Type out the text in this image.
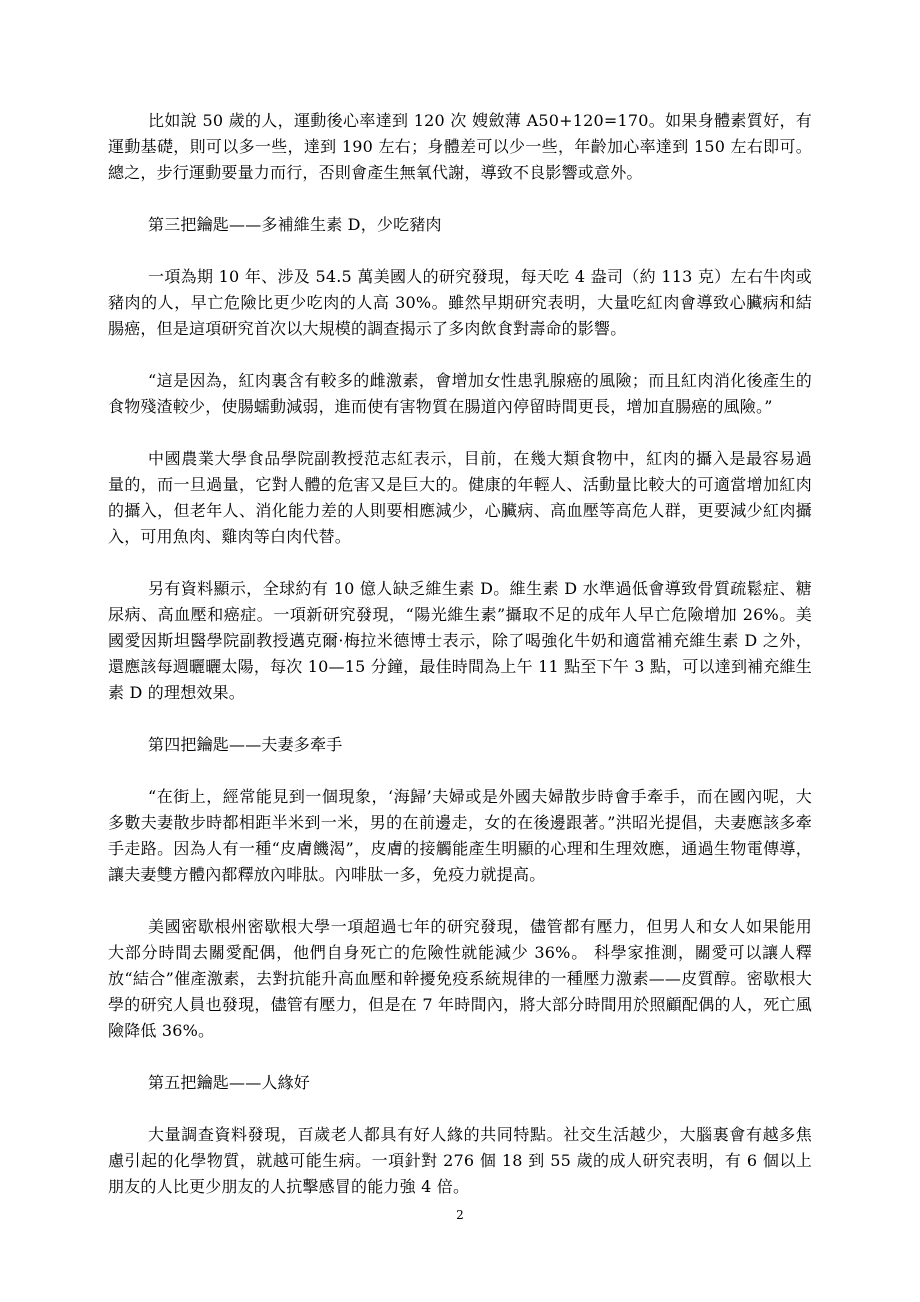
比如說 50 歲的人，運動後心率達到 120 次 嫂斂薄 A50+120=170。如果身體素質好，有運動基礎，則可以多一些，達到 190 左右；身體差可以少一些，年齡加心率達到 150 左右即可。總之，步行運動要量力而行，否則會產生無氧代謝，導致不良影響或意外。

第三把鑰匙——多補維生素 D，少吃豬肉

一項為期 10 年、涉及 54.5 萬美國人的研究發現，每天吃 4 盎司（約 113 克）左右牛肉或豬肉的人，早亡危險比更少吃肉的人高 30%。雖然早期研究表明，大量吃紅肉會導致心臟病和結腸癌，但是這項研究首次以大規模的調查揭示了多肉飲食對壽命的影響。

“這是因為，紅肉裏含有較多的雌激素，會增加女性患乳腺癌的風險；而且紅肉消化後產生的食物殘渣較少，使腸蠕動減弱，進而使有害物質在腸道內停留時間更長，增加直腸癌的風險。”

中國農業大學食品學院副教授范志紅表示，目前，在幾大類食物中，紅肉的攝入是最容易過量的，而一旦過量，它對人體的危害又是巨大的。健康的年輕人、活動量比較大的可適當增加紅肉的攝入，但老年人、消化能力差的人則要相應減少，心臟病、高血壓等高危人群，更要減少紅肉攝入，可用魚肉、雞肉等白肉代替。

另有資料顯示，全球約有 10 億人缺乏維生素 D。維生素 D 水準過低會導致骨質疏鬆症、糖尿病、高血壓和癌症。一項新研究發現，“陽光維生素”攝取不足的成年人早亡危險增加 26%。美國愛因斯坦醫學院副教授邁克爾·梅拉米德博士表示，除了喝強化牛奶和適當補充維生素 D 之外，還應該每週曬曬太陽，每次 10—15 分鐘，最佳時間為上午 11 點至下午 3 點，可以達到補充維生素 D 的理想效果。

第四把鑰匙——夫妻多牽手

“在街上，經常能見到一個現象，‘海歸’夫婦或是外國夫婦散步時會手牽手，而在國內呢，大多數夫妻散步時都相距半米到一米，男的在前邊走，女的在後邊跟著。”洪昭光提倡，夫妻應該多牽手走路。因為人有一種“皮膚饑渴”，皮膚的接觸能產生明顯的心理和生理效應，通過生物電傳導，讓夫妻雙方體內都釋放內啡肽。內啡肽一多，免疫力就提高。

美國密歇根州密歇根大學一項超過七年的研究發現，儘管都有壓力，但男人和女人如果能用大部分時間去關愛配偶，他們自身死亡的危險性就能減少 36%。 科學家推測，關愛可以讓人釋放“結合”催產激素，去對抗能升高血壓和幹擾免疫系統規律的一種壓力激素——皮質醇。密歇根大學的研究人員也發現，儘管有壓力，但是在 7 年時間內，將大部分時間用於照顧配偶的人，死亡風險降低 36%。

第五把鑰匙——人緣好

大量調查資料發現，百歲老人都具有好人緣的共同特點。社交生活越少，大腦裏會有越多焦慮引起的化學物質，就越可能生病。一項針對 276 個 18 到 55 歲的成人研究表明，有 6 個以上朋友的人比更少朋友的人抗擊感冒的能力強 4 倍。

2
